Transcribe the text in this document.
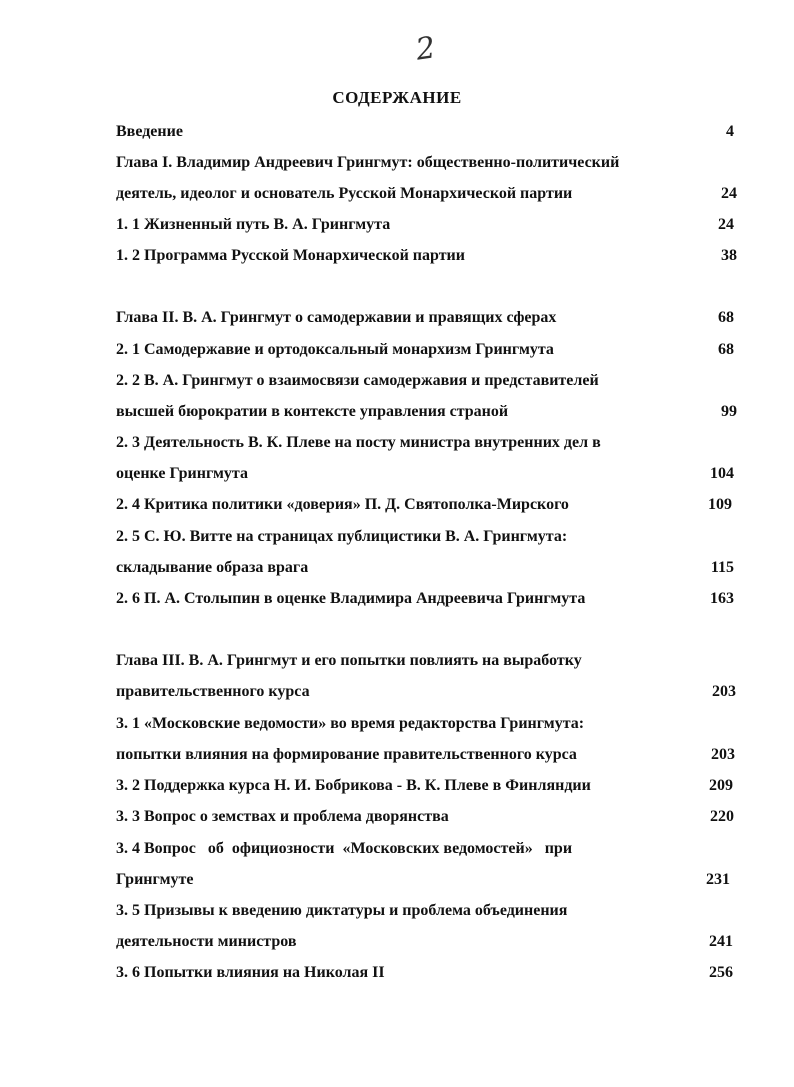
2
СОДЕРЖАНИЕ
Введение	4
Глава I. Владимир Андреевич Грингмут: общественно-политический
деятель, идеолог и основатель Русской Монархической партии	24
1. 1 Жизненный путь В. А. Грингмута	24
1. 2 Программа Русской Монархической партии	38
Глава II. В. А. Грингмут о самодержавии и правящих сферах	68
2. 1 Самодержавие и ортодоксальный монархизм Грингмута	68
2. 2 В. А. Грингмут о взаимосвязи самодержавия и представителей
высшей бюрократии в контексте управления страной	99
2. 3 Деятельность В. К. Плеве на посту министра внутренних дел в
оценке Грингмута	104
2. 4 Критика политики «доверия» П. Д. Святополка-Мирского	109
2. 5 С. Ю. Витте на страницах публицистики В. А. Грингмута:
складывание образа врага	115
2. 6 П. А. Столыпин в оценке Владимира Андреевича Грингмута	163
Глава III. В. А. Грингмут и его попытки повлиять на выработку
правительственного курса	203
3. 1 «Московские ведомости» во время редакторства Грингмута:
попытки влияния на формирование правительственного курса	203
3. 2 Поддержка курса Н. И. Бобрикова - В. К. Плеве в Финляндии	209
3. 3 Вопрос о земствах и проблема дворянства	220
3. 4 Вопрос   об  официозности  «Московских ведомостей»   при
Грингмуте	231
3. 5 Призывы к введению диктатуры и проблема объединения
деятельности министров	241
3. 6 Попытки влияния на Николая II	256
